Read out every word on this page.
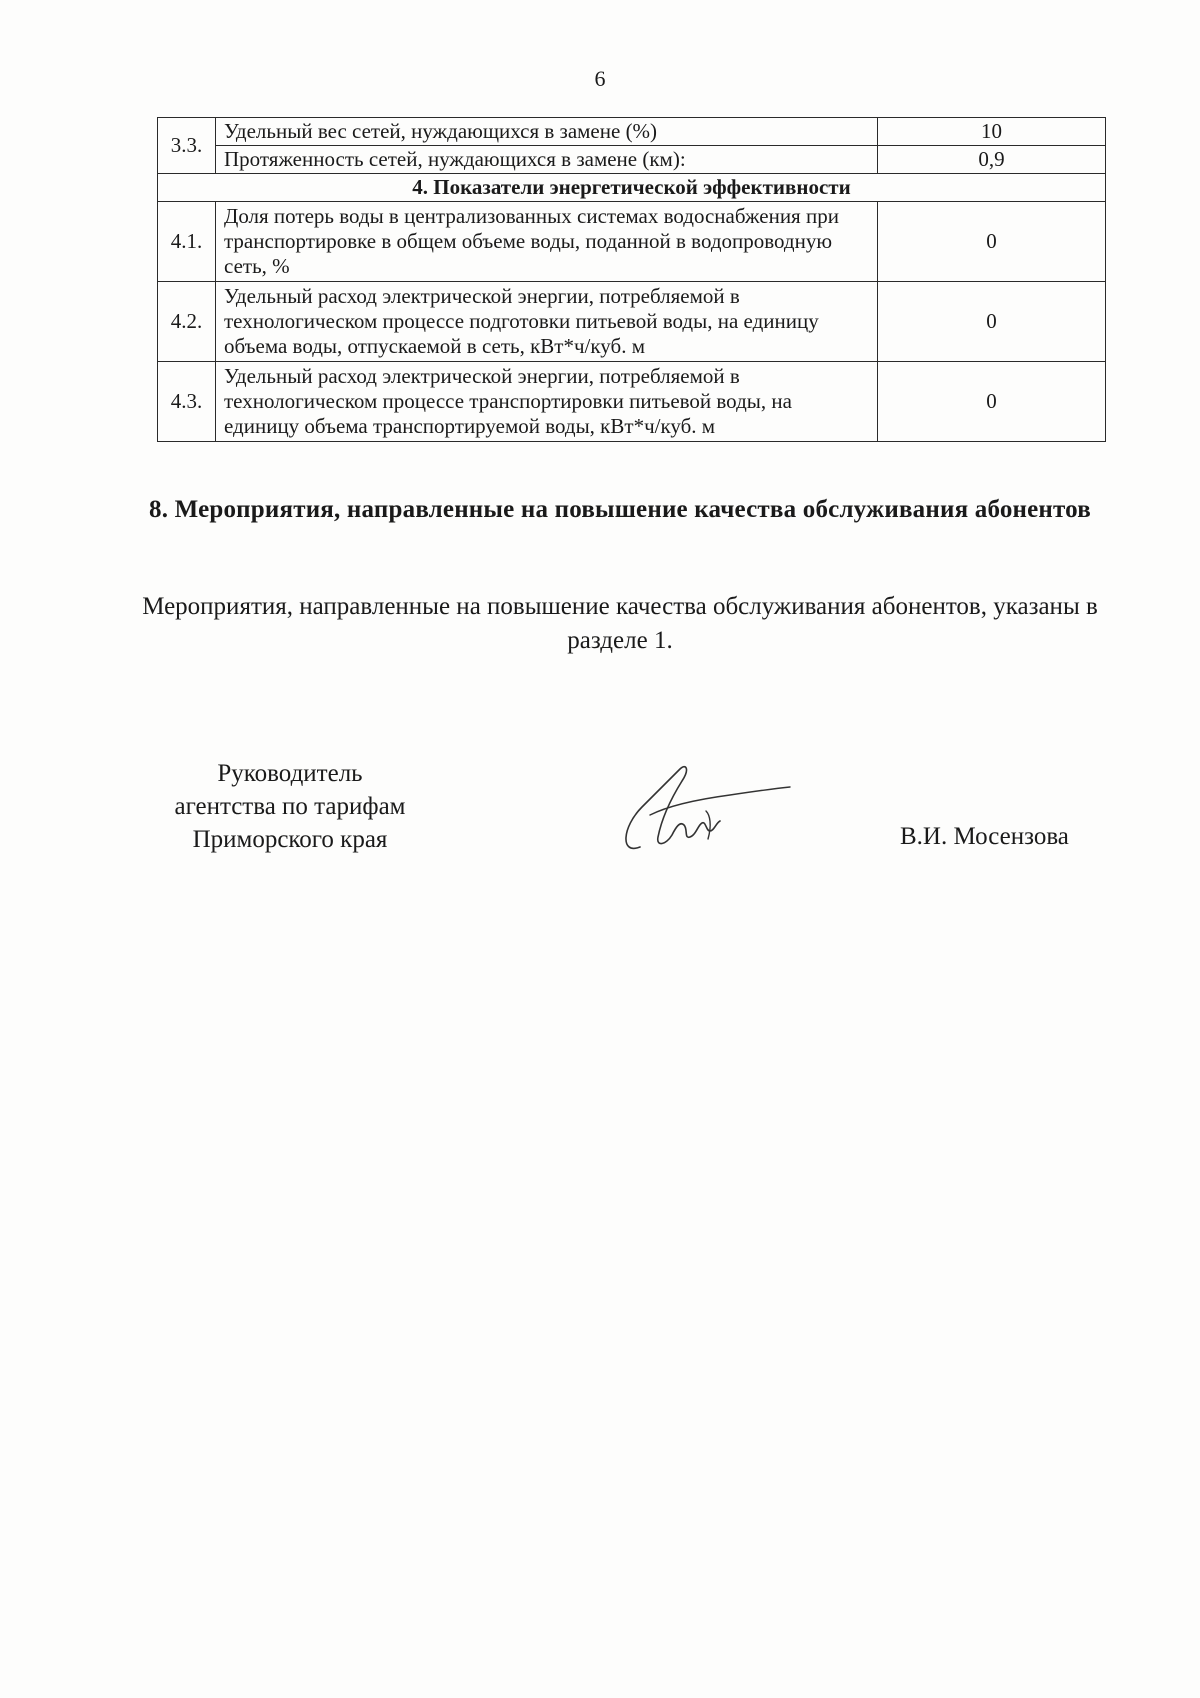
6
3.3.	Удельный вес сетей, нуждающихся в замене (%)	10
	Протяженность сетей, нуждающихся в замене (км):	0,9
4. Показатели энергетической эффективности		
4.1.	Доля потерь воды в централизованных системах водоснабжения при транспортировке в общем объеме воды, поданной в водопроводную сеть, %	0
4.2.	Удельный расход электрической энергии, потребляемой в технологическом процессе подготовки питьевой воды, на единицу объема воды, отпускаемой в сеть, кВт*ч/куб. м	0
4.3.	Удельный расход электрической энергии, потребляемой в технологическом процессе транспортировки питьевой воды, на единицу объема транспортируемой воды, кВт*ч/куб. м	0
8. Мероприятия, направленные на повышение качества обслуживания абонентов
Мероприятия, направленные на повышение качества обслуживания абонентов, указаны в разделе 1.
Руководитель
агентства по тарифам
Приморского края	В.И. Мосензова
